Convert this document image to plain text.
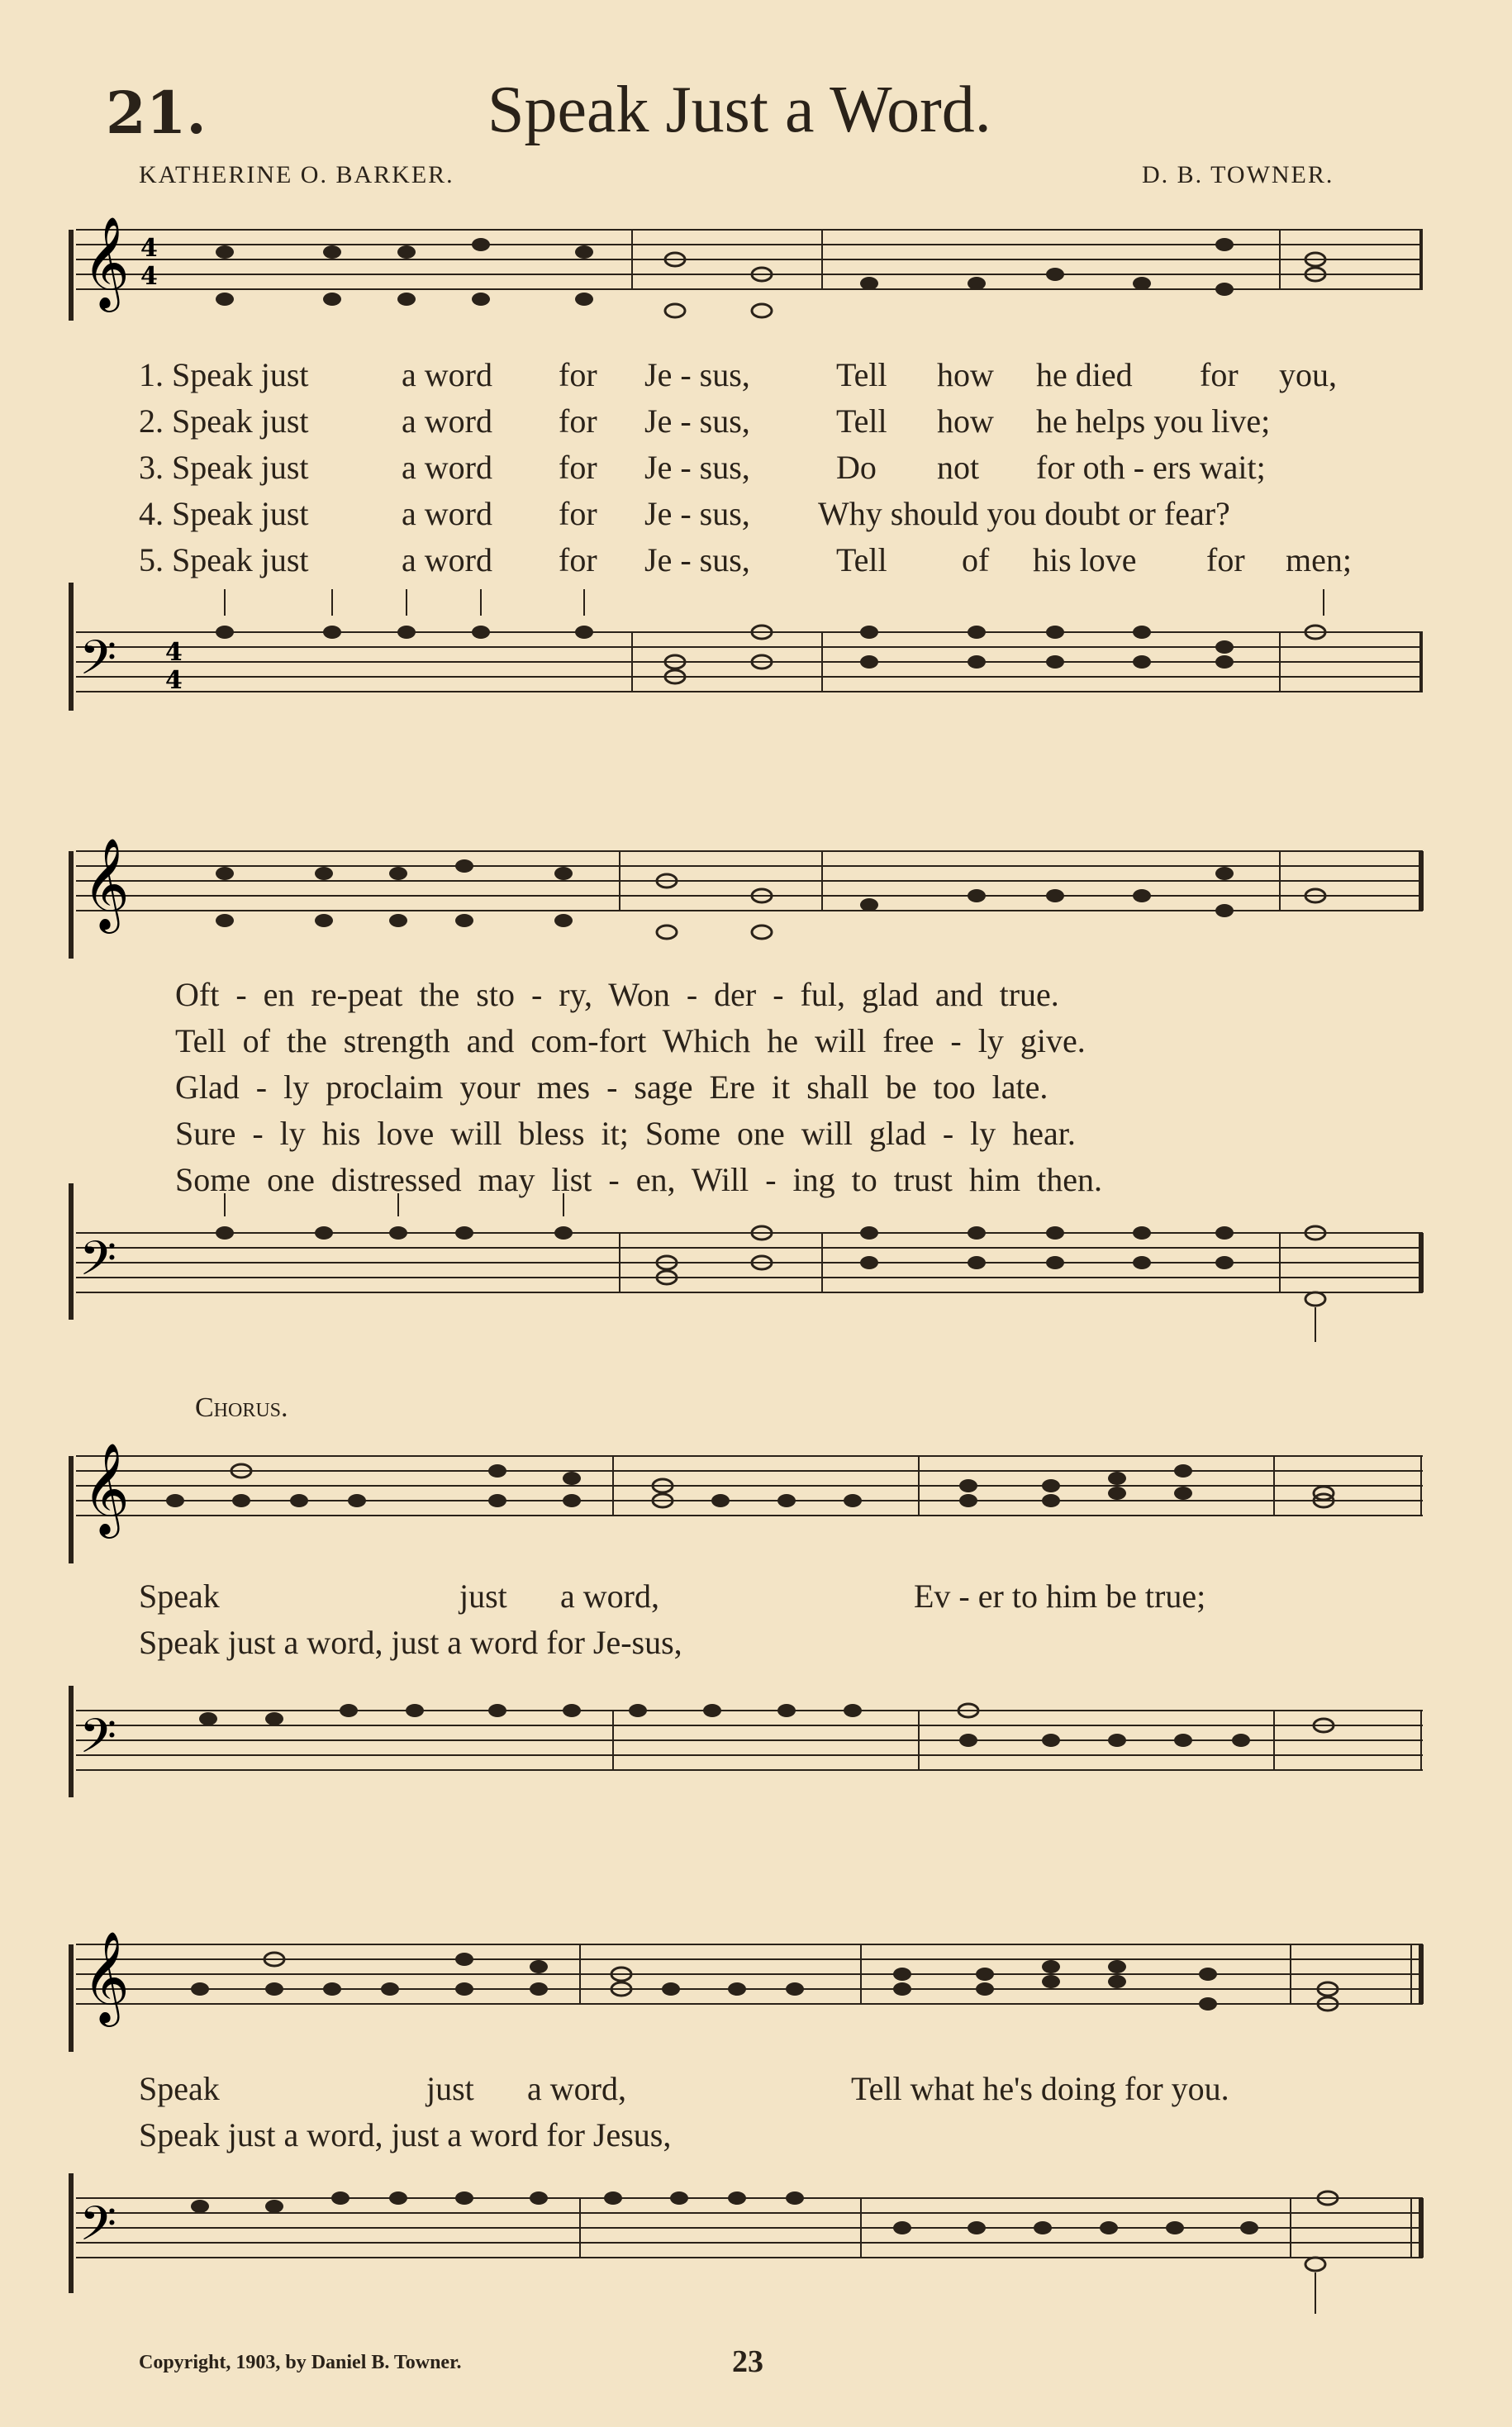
21.	Speak Just a Word.
KATHERINE O. BARKER.	D. B. TOWNER.
𝄞 4
4
1. Speak just	a word for Je - sus,	Tell how he died for you,
2. Speak just	a word for Je - sus,	Tell how he helps you live;
3. Speak just	a word for Je - sus,	Do not for oth - ers wait;
4. Speak just	a word for Je - sus, Why should you doubt or fear?
5. Speak just	a word for Je - sus,	Tell of his love for men;
𝄢 4
4
𝄞
Oft - en re-peat the sto - ry, Won - der - ful, glad and true.
Tell of the strength and com-fort Which he will free - ly give.
Glad - ly proclaim your mes - sage Ere it shall be too late.
Sure - ly his love will bless it; Some one will glad - ly hear.
Some one distressed may list - en, Will - ing to trust him then.
𝄢
Chorus.
𝄞
Speak	just a word,	Ev - er to him be true;
Speak just a word, just a word for Je-sus,
𝄢
𝄞
Speak	just a word,	Tell what he's doing for you.
Speak just a word, just a word for Jesus,
𝄢
Copyright, 1903, by Daniel B. Towner.	23
